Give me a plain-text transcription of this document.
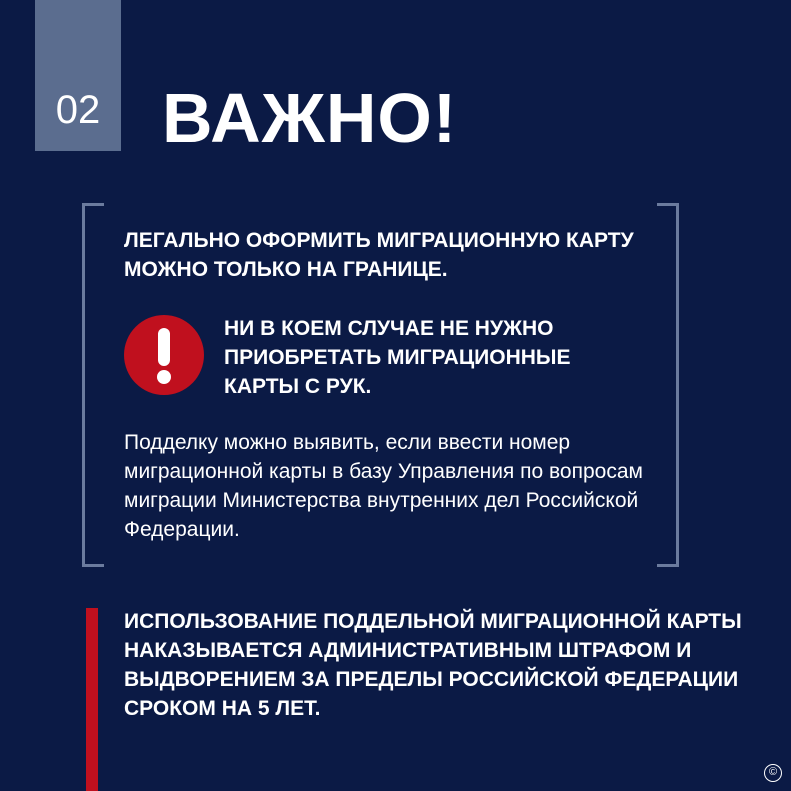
02 ВАЖНО!
ЛЕГАЛЬНО ОФОРМИТЬ МИГРАЦИОННУЮ КАРТУ МОЖНО ТОЛЬКО НА ГРАНИЦЕ.
НИ В КОЕМ СЛУЧАЕ НЕ НУЖНО ПРИОБРЕТАТЬ МИГРАЦИОННЫЕ КАРТЫ С РУК.
Подделку можно выявить, если ввести номер миграционной карты в базу Управления по вопросам миграции Министерства внутренних дел Российской Федерации.
ИСПОЛЬЗОВАНИЕ ПОДДЕЛЬНОЙ МИГРАЦИОННОЙ КАРТЫ НАКАЗЫВАЕТСЯ АДМИНИСТРАТИВНЫМ ШТРАФОМ И ВЫДВОРЕНИЕМ ЗА ПРЕДЕЛЫ РОССИЙСКОЙ ФЕДЕРАЦИИ СРОКОМ НА 5 ЛЕТ.
©
